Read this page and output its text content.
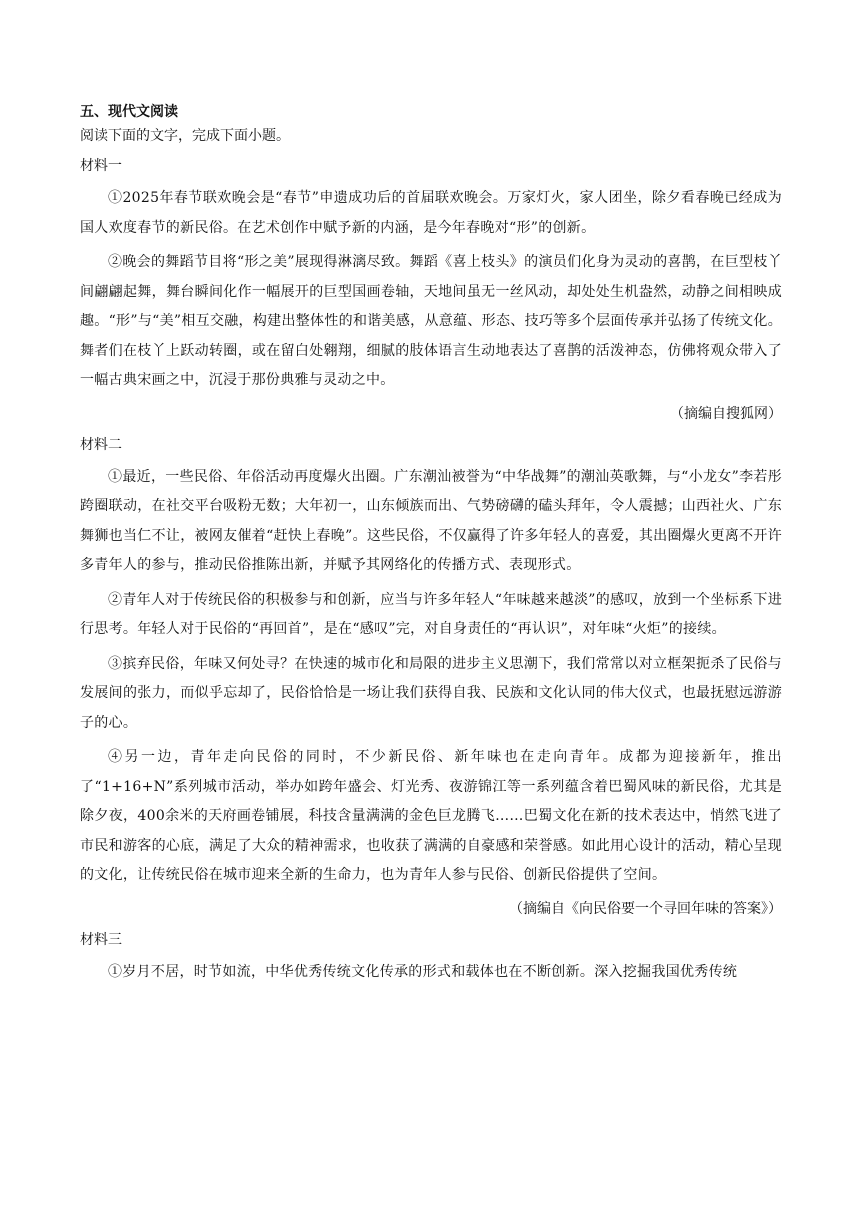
五、现代文阅读

阅读下面的文字，完成下面小题。

材料一

①2025年春节联欢晚会是“春节”申遗成功后的首届联欢晚会。万家灯火，家人团坐，除夕看春晚已经成为国人欢度春节的新民俗。在艺术创作中赋予新的内涵，是今年春晚对“形”的创新。

②晚会的舞蹈节目将“形之美”展现得淋漓尽致。舞蹈《喜上枝头》的演员们化身为灵动的喜鹊，在巨型枝丫间翩翩起舞，舞台瞬间化作一幅展开的巨型国画卷轴，天地间虽无一丝风动，却处处生机盎然，动静之间相映成趣。“形”与“美”相互交融，构建出整体性的和谐美感，从意蕴、形态、技巧等多个层面传承并弘扬了传统文化。舞者们在枝丫上跃动转圈，或在留白处翱翔，细腻的肢体语言生动地表达了喜鹊的活泼神态，仿佛将观众带入了一幅古典宋画之中，沉浸于那份典雅与灵动之中。

（摘编自搜狐网）

材料二

①最近，一些民俗、年俗活动再度爆火出圈。广东潮汕被誉为“中华战舞”的潮汕英歌舞，与“小龙女”李若彤跨圈联动，在社交平台吸粉无数；大年初一，山东倾族而出、气势磅礴的磕头拜年，令人震撼；山西社火、广东舞狮也当仁不让，被网友催着“赶快上春晚”。这些民俗，不仅赢得了许多年轻人的喜爱，其出圈爆火更离不开许多青年人的参与，推动民俗推陈出新，并赋予其网络化的传播方式、表现形式。

②青年人对于传统民俗的积极参与和创新，应当与许多年轻人“年味越来越淡”的感叹，放到一个坐标系下进行思考。年轻人对于民俗的“再回首”，是在“感叹”完，对自身责任的“再认识”，对年味“火炬”的接续。

③摈弃民俗，年味又何处寻？在快速的城市化和局限的进步主义思潮下，我们常常以对立框架扼杀了民俗与发展间的张力，而似乎忘却了，民俗恰恰是一场让我们获得自我、民族和文化认同的伟大仪式，也最抚慰远游游子的心。

④另一边，青年走向民俗的同时，不少新民俗、新年味也在走向青年。成都为迎接新年，推出了“1+16+N”系列城市活动，举办如跨年盛会、灯光秀、夜游锦江等一系列蕴含着巴蜀风味的新民俗，尤其是除夕夜，400余米的天府画卷铺展，科技含量满满的金色巨龙腾飞……巴蜀文化在新的技术表达中，悄然飞进了市民和游客的心底，满足了大众的精神需求，也收获了满满的自豪感和荣誉感。如此用心设计的活动，精心呈现的文化，让传统民俗在城市迎来全新的生命力，也为青年人参与民俗、创新民俗提供了空间。

（摘编自《向民俗要一个寻回年味的答案》）

材料三

①岁月不居，时节如流，中华优秀传统文化传承的形式和载体也在不断创新。深入挖掘我国优秀传统
